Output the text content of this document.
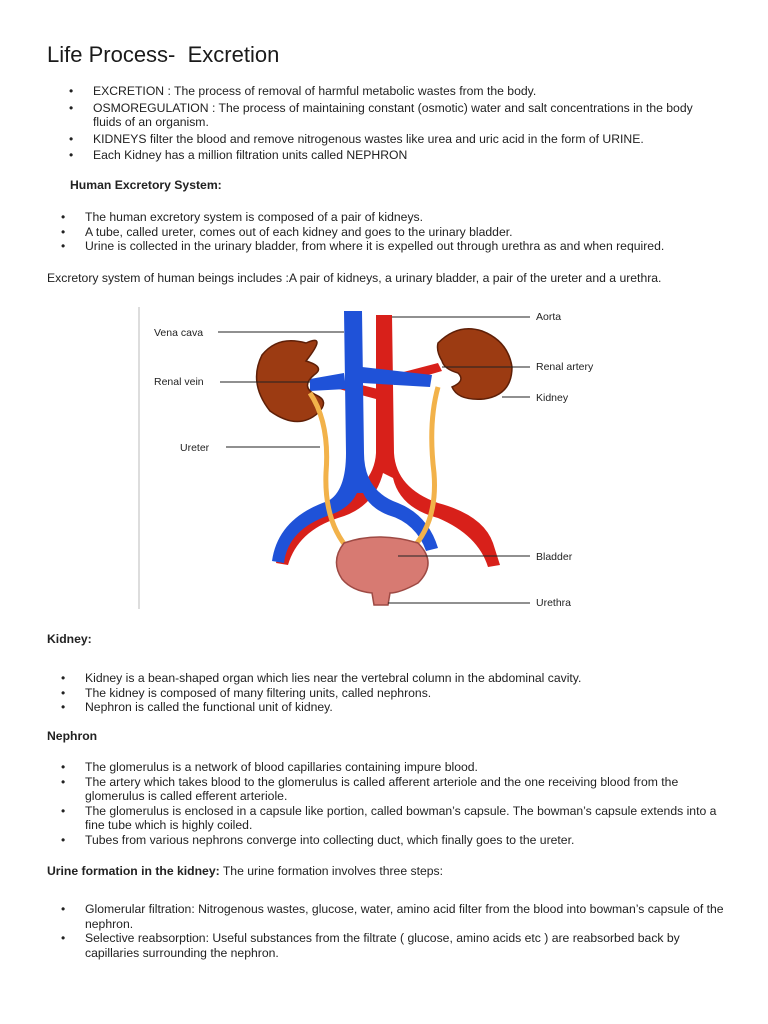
Life Process-  Excretion
• EXCRETION : The process of removal of harmful metabolic wastes from the body.
• OSMOREGULATION : The process of maintaining constant (osmotic) water and salt concentrations in the body fluids of an organism.
• KIDNEYS filter the blood and remove nitrogenous wastes like urea and uric acid in the form of URINE.
• Each Kidney has a million filtration units called NEPHRON

Human Excretory System:

• The human excretory system is composed of a pair of kidneys.
• A tube, called ureter, comes out of each kidney and goes to the urinary bladder.
• Urine is collected in the urinary bladder, from where it is expelled out through urethra as and when required.

Excretory system of human beings includes :A pair of kidneys, a urinary bladder, a pair of the ureter and a urethra.

Vena cava
Renal vein
Ureter
Aorta
Renal artery
Kidney
Bladder
Urethra

Kidney:

• Kidney is a bean-shaped organ which lies near the vertebral column in the abdominal cavity.
• The kidney is composed of many filtering units, called nephrons.
• Nephron is called the functional unit of kidney.

Nephron

• The glomerulus is a network of blood capillaries containing impure blood.
• The artery which takes blood to the glomerulus is called afferent arteriole and the one receiving blood from the glomerulus is called efferent arteriole.
• The glomerulus is enclosed in a capsule like portion, called bowman’s capsule. The bowman’s capsule extends into a fine tube which is highly coiled.
• Tubes from various nephrons converge into collecting duct, which finally goes to the ureter.

Urine formation in the kidney: The urine formation involves three steps:

• Glomerular filtration: Nitrogenous wastes, glucose, water, amino acid filter from the blood into bowman’s capsule of the nephron.
• Selective reabsorption: Useful substances from the filtrate ( glucose, amino acids etc ) are reabsorbed back by capillaries surrounding the nephron.
